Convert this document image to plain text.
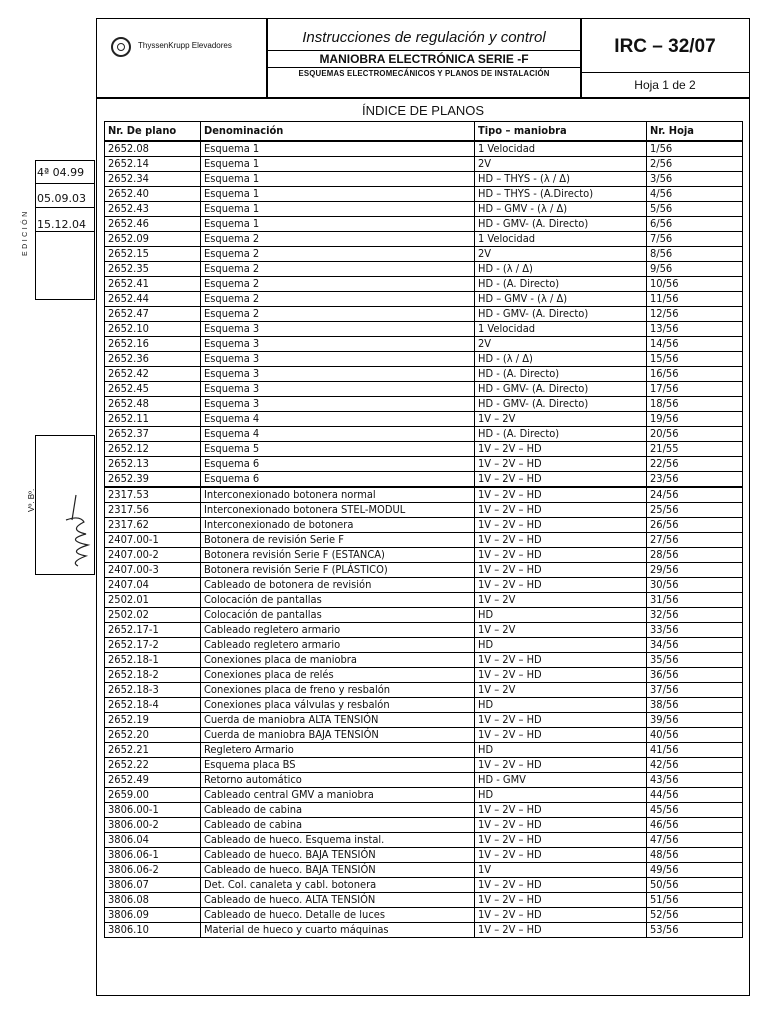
ThyssenKrupp Elevadores	Instrucciones de regulación y control
MANIOBRA ELECTRÓNICA SERIE -F
ESQUEMAS ELECTROMECÁNICOS Y PLANOS DE INSTALACIÓN
IRC – 32/07
Hoja 1 de 2
ÍNDICE DE PLANOS
Nr. De plano	Denominación	Tipo – maniobra	Nr. Hoja
2652.08	Esquema 1	1 Velocidad	1/56
2652.14	Esquema 1	2V	2/56
2652.34	Esquema 1	HD – THYS - (λ / Δ)	3/56
2652.40	Esquema 1	HD – THYS - (A.Directo)	4/56
2652.43	Esquema 1	HD – GMV - (λ / Δ)	5/56
2652.46	Esquema 1	HD - GMV- (A. Directo)	6/56
2652.09	Esquema 2	1 Velocidad	7/56
2652.15	Esquema 2	2V	8/56
2652.35	Esquema 2	HD - (λ / Δ)	9/56
2652.41	Esquema 2	HD - (A. Directo)	10/56
2652.44	Esquema 2	HD – GMV - (λ / Δ)	11/56
2652.47	Esquema 2	HD - GMV- (A. Directo)	12/56
2652.10	Esquema 3	1 Velocidad	13/56
2652.16	Esquema 3	2V	14/56
2652.36	Esquema 3	HD - (λ / Δ)	15/56
2652.42	Esquema 3	HD - (A. Directo)	16/56
2652.45	Esquema 3	HD - GMV- (A. Directo)	17/56
2652.48	Esquema 3	HD - GMV- (A. Directo)	18/56
2652.11	Esquema 4	1V – 2V	19/56
2652.37	Esquema 4	HD - (A. Directo)	20/56
2652.12	Esquema 5	1V – 2V – HD	21/55
2652.13	Esquema 6	1V – 2V – HD	22/56
2652.39	Esquema 6	1V – 2V – HD	23/56
2317.53	Interconexionado botonera normal	1V – 2V – HD	24/56
2317.56	Interconexionado botonera STEL-MODUL	1V – 2V – HD	25/56
2317.62	Interconexionado de botonera	1V – 2V – HD	26/56
2407.00-1	Botonera de revisión Serie F	1V – 2V – HD	27/56
2407.00-2	Botonera revisión Serie F (ESTANCA)	1V – 2V – HD	28/56
2407.00-3	Botonera revisión Serie F (PLÁSTICO)	1V – 2V – HD	29/56
2407.04	Cableado de botonera de revisión	1V – 2V – HD	30/56
2502.01	Colocación de pantallas	1V – 2V	31/56
2502.02	Colocación de pantallas	HD	32/56
2652.17-1	Cableado regletero armario	1V – 2V	33/56
2652.17-2	Cableado regletero armario	HD	34/56
2652.18-1	Conexiones placa de maniobra	1V – 2V – HD	35/56
2652.18-2	Conexiones placa de relés	1V – 2V – HD	36/56
2652.18-3	Conexiones placa de freno y resbalón	1V – 2V	37/56
2652.18-4	Conexiones placa válvulas y resbalón	HD	38/56
2652.19	Cuerda de maniobra ALTA TENSIÓN	1V – 2V – HD	39/56
2652.20	Cuerda de maniobra BAJA TENSIÓN	1V – 2V – HD	40/56
2652.21	Regletero Armario	HD	41/56
2652.22	Esquema placa BS	1V – 2V – HD	42/56
2652.49	Retorno automático	HD - GMV	43/56
2659.00	Cableado central GMV a maniobra	HD	44/56
3806.00-1	Cableado de cabina	1V – 2V – HD	45/56
3806.00-2	Cableado de cabina	1V – 2V – HD	46/56
3806.04	Cableado de hueco. Esquema instal.	1V – 2V – HD	47/56
3806.06-1	Cableado de hueco. BAJA TENSIÓN	1V – 2V – HD	48/56
3806.06-2	Cableado de hueco. BAJA TENSIÓN	1V	49/56
3806.07	Det. Col. canaleta y cabl. botonera	1V – 2V – HD	50/56
3806.08	Cableado de hueco. ALTA TENSIÓN	1V – 2V – HD	51/56
3806.09	Cableado de hueco. Detalle de luces	1V – 2V – HD	52/56
3806.10	Material de hueco y cuarto máquinas	1V – 2V – HD	53/56
4ª 04.99
05.09.03
15.12.04
EDICIÓN
Vº. Bº.
